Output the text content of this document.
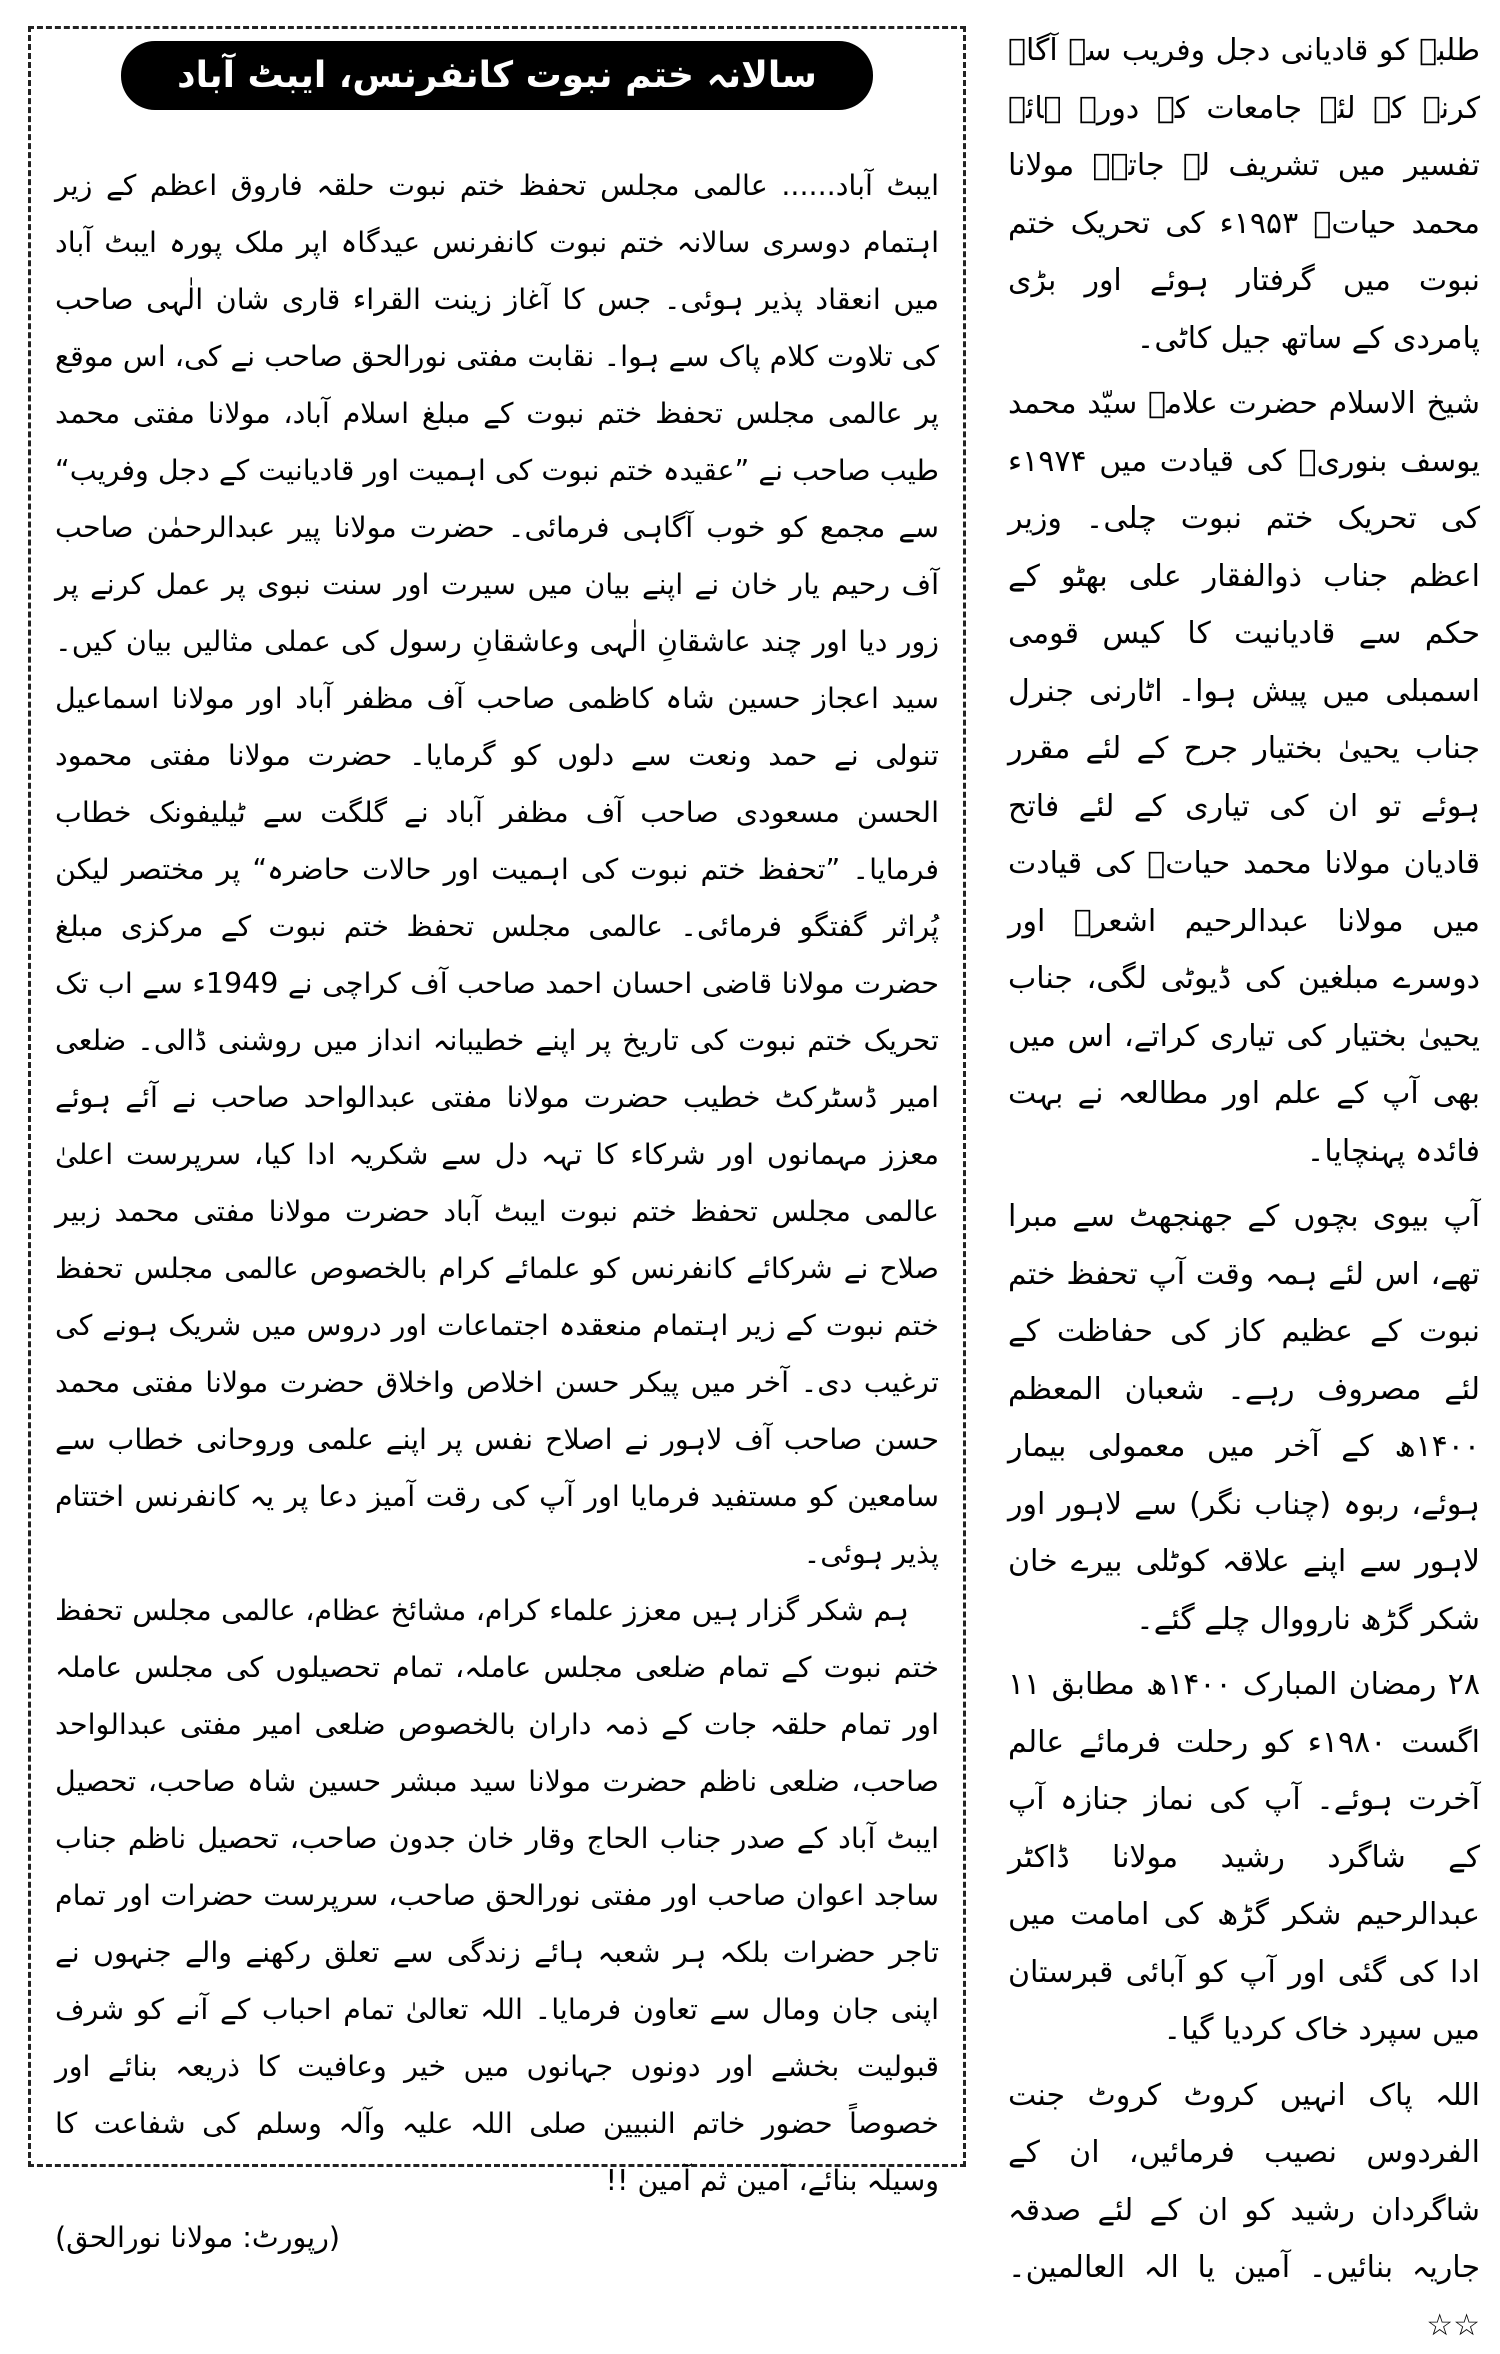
سالانہ ختم نبوت کانفرنس، ایبٹ آباد

ایبٹ آباد...... عالمی مجلس تحفظ ختم نبوت حلقہ فاروق اعظم کے زیر اہتمام دوسری سالانہ ختم نبوت کانفرنس عیدگاہ اپر ملک پورہ ایبٹ آباد میں انعقاد پذیر ہوئی۔ جس کا آغاز زینت القراء قاری شان الٰہی صاحب کی تلاوت کلام پاک سے ہوا۔ نقابت مفتی نورالحق صاحب نے کی، اس موقع پر عالمی مجلس تحفظ ختم نبوت کے مبلغ اسلام آباد، مولانا مفتی محمد طیب صاحب نے ”عقیدہ ختم نبوت کی اہمیت اور قادیانیت کے دجل وفریب“ سے مجمع کو خوب آگاہی فرمائی۔ حضرت مولانا پیر عبدالرحمٰن صاحب آف رحیم یار خان نے اپنے بیان میں سیرت اور سنت نبوی پر عمل کرنے پر زور دیا اور چند عاشقانِ الٰہی وعاشقانِ رسول کی عملی مثالیں بیان کیں۔ سید اعجاز حسین شاہ کاظمی صاحب آف مظفر آباد اور مولانا اسماعیل تنولی نے حمد ونعت سے دلوں کو گرمایا۔ حضرت مولانا مفتی محمود الحسن مسعودی صاحب آف مظفر آباد نے گلگت سے ٹیلیفونک خطاب فرمایا۔ ”تحفظ ختم نبوت کی اہمیت اور حالات حاضرہ“ پر مختصر لیکن پُراثر گفتگو فرمائی۔ عالمی مجلس تحفظ ختم نبوت کے مرکزی مبلغ حضرت مولانا قاضی احسان احمد صاحب آف کراچی نے 1949ء سے اب تک تحریک ختم نبوت کی تاریخ پر اپنے خطیبانہ انداز میں روشنی ڈالی۔ ضلعی امیر ڈسٹرکٹ خطیب حضرت مولانا مفتی عبدالواحد صاحب نے آئے ہوئے معزز مہمانوں اور شرکاء کا تہہ دل سے شکریہ ادا کیا، سرپرست اعلیٰ عالمی مجلس تحفظ ختم نبوت ایبٹ آباد حضرت مولانا مفتی محمد زبیر صلاح نے شرکائے کانفرنس کو علمائے کرام بالخصوص عالمی مجلس تحفظ ختم نبوت کے زیر اہتمام منعقدہ اجتماعات اور دروس میں شریک ہونے کی ترغیب دی۔ آخر میں پیکر حسن اخلاص واخلاق حضرت مولانا مفتی محمد حسن صاحب آف لاہور نے اصلاح نفس پر اپنے علمی وروحانی خطاب سے سامعین کو مستفید فرمایا اور آپ کی رقت آمیز دعا پر یہ کانفرنس اختتام پذیر ہوئی۔

ہم شکر گزار ہیں معزز علماء کرام، مشائخ عظام، عالمی مجلس تحفظ ختم نبوت کے تمام ضلعی مجلس عاملہ، تمام تحصیلوں کی مجلس عاملہ اور تمام حلقہ جات کے ذمہ داران بالخصوص ضلعی امیر مفتی عبدالواحد صاحب، ضلعی ناظم حضرت مولانا سید مبشر حسین شاہ صاحب، تحصیل ایبٹ آباد کے صدر جناب الحاج وقار خان جدون صاحب، تحصیل ناظم جناب ساجد اعوان صاحب اور مفتی نورالحق صاحب، سرپرست حضرات اور تمام تاجر حضرات بلکہ ہر شعبہ ہائے زندگی سے تعلق رکھنے والے جنہوں نے اپنی جان ومال سے تعاون فرمایا۔ اللہ تعالیٰ تمام احباب کے آنے کو شرف قبولیت بخشے اور دونوں جہانوں میں خیر وعافیت کا ذریعہ بنائے اور خصوصاً حضور خاتم النبیین صلی اللہ علیہ وآلہ وسلم کی شفاعت کا وسیلہ بنائے، آمین ثم آمین !!

(رپورٹ: مولانا نورالحق)

طلبہ کو قادیانی دجل وفریب سے آگاہ کرنے کے لئے جامعات کے دورہ ہائے تفسیر میں تشریف لے جاتے۔ مولانا محمد حیاتؒ ۱۹۵۳ء کی تحریک ختم نبوت میں گرفتار ہوئے اور بڑی پامردی کے ساتھ جیل کاٹی۔

شیخ الاسلام حضرت علامہ سیّد محمد یوسف بنوریؒ کی قیادت میں ۱۹۷۴ء کی تحریک ختم نبوت چلی۔ وزیر اعظم جناب ذوالفقار علی بھٹو کے حکم سے قادیانیت کا کیس قومی اسمبلی میں پیش ہوا۔ اٹارنی جنرل جناب یحییٰ بختیار جرح کے لئے مقرر ہوئے تو ان کی تیاری کے لئے فاتح قادیان مولانا محمد حیاتؒ کی قیادت میں مولانا عبدالرحیم اشعرؒ اور دوسرے مبلغین کی ڈیوٹی لگی، جناب یحییٰ بختیار کی تیاری کراتے، اس میں بھی آپ کے علم اور مطالعہ نے بہت فائدہ پہنچایا۔

آپ بیوی بچوں کے جھنجھٹ سے مبرا تھے، اس لئے ہمہ وقت آپ تحفظ ختم نبوت کے عظیم کاز کی حفاظت کے لئے مصروف رہے۔ شعبان المعظم ۱۴۰۰ھ کے آخر میں معمولی بیمار ہوئے، ربوہ (چناب نگر) سے لاہور اور لاہور سے اپنے علاقہ کوٹلی بیرے خان شکر گڑھ نارووال چلے گئے۔

۲۸ رمضان المبارک ۱۴۰۰ھ مطابق ۱۱ اگست ۱۹۸۰ء کو رحلت فرمائے عالم آخرت ہوئے۔ آپ کی نماز جنازہ آپ کے شاگرد رشید مولانا ڈاکٹر عبدالرحیم شکر گڑھ کی امامت میں ادا کی گئی اور آپ کو آبائی قبرستان میں سپرد خاک کردیا گیا۔

اللہ پاک انہیں کروٹ کروٹ جنت الفردوس نصیب فرمائیں، ان کے شاگردان رشید کو ان کے لئے صدقہ جاریہ بنائیں۔ آمین یا الہ العالمین۔ ☆☆
